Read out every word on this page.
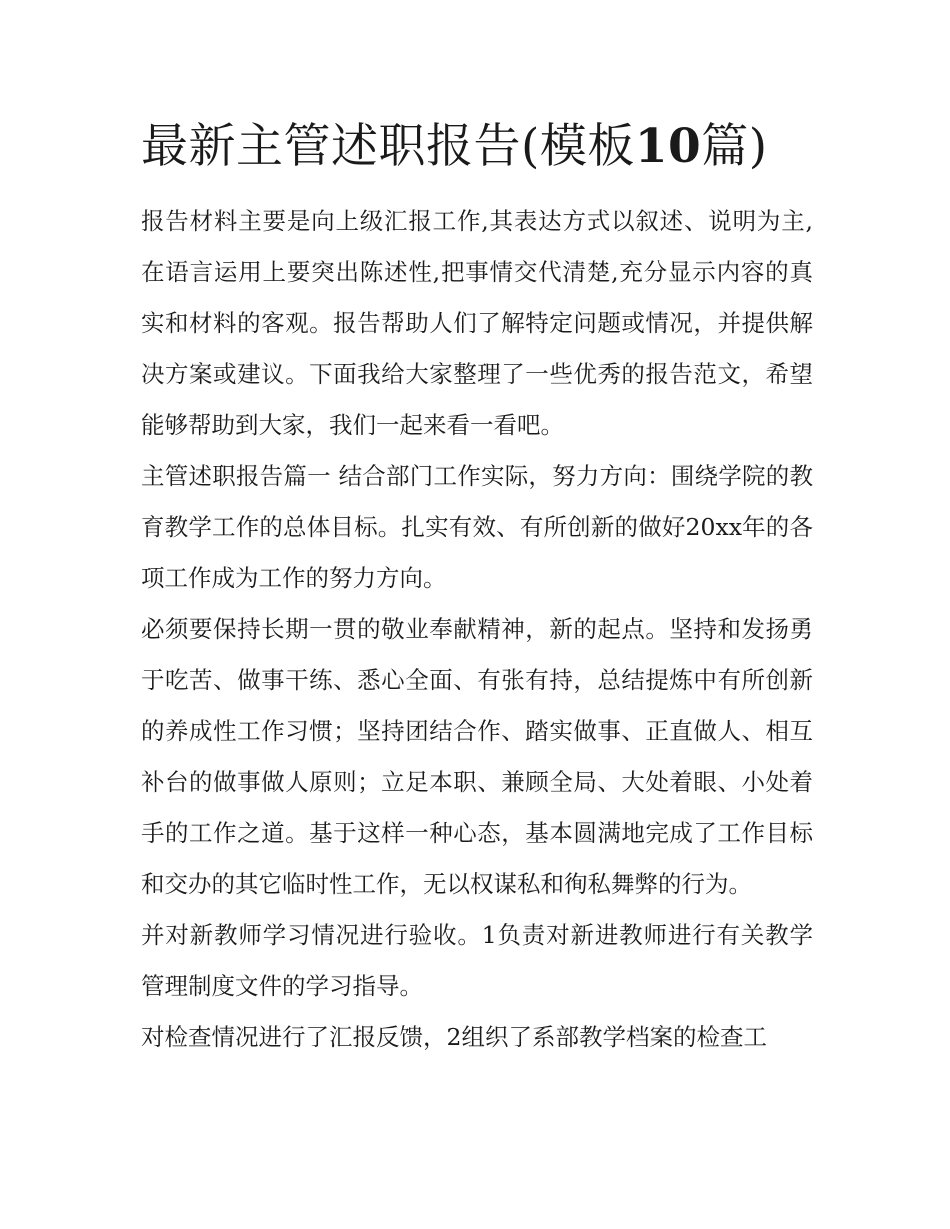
最新主管述职报告(模板10篇)

报告材料主要是向上级汇报工作,其表达方式以叙述、说明为主,在语言运用上要突出陈述性,把事情交代清楚,充分显示内容的真实和材料的客观。报告帮助人们了解特定问题或情况，并提供解决方案或建议。下面我给大家整理了一些优秀的报告范文，希望能够帮助到大家，我们一起来看一看吧。

主管述职报告篇一 结合部门工作实际，努力方向：围绕学院的教育教学工作的总体目标。扎实有效、有所创新的做好20xx年的各项工作成为工作的努力方向。

必须要保持长期一贯的敬业奉献精神，新的起点。坚持和发扬勇于吃苦、做事干练、悉心全面、有张有持，总结提炼中有所创新的养成性工作习惯；坚持团结合作、踏实做事、正直做人、相互补台的做事做人原则；立足本职、兼顾全局、大处着眼、小处着手的工作之道。基于这样一种心态，基本圆满地完成了工作目标和交办的其它临时性工作，无以权谋私和徇私舞弊的行为。

并对新教师学习情况进行验收。1负责对新进教师进行有关教学管理制度文件的学习指导。

对检查情况进行了汇报反馈，2组织了系部教学档案的检查工
